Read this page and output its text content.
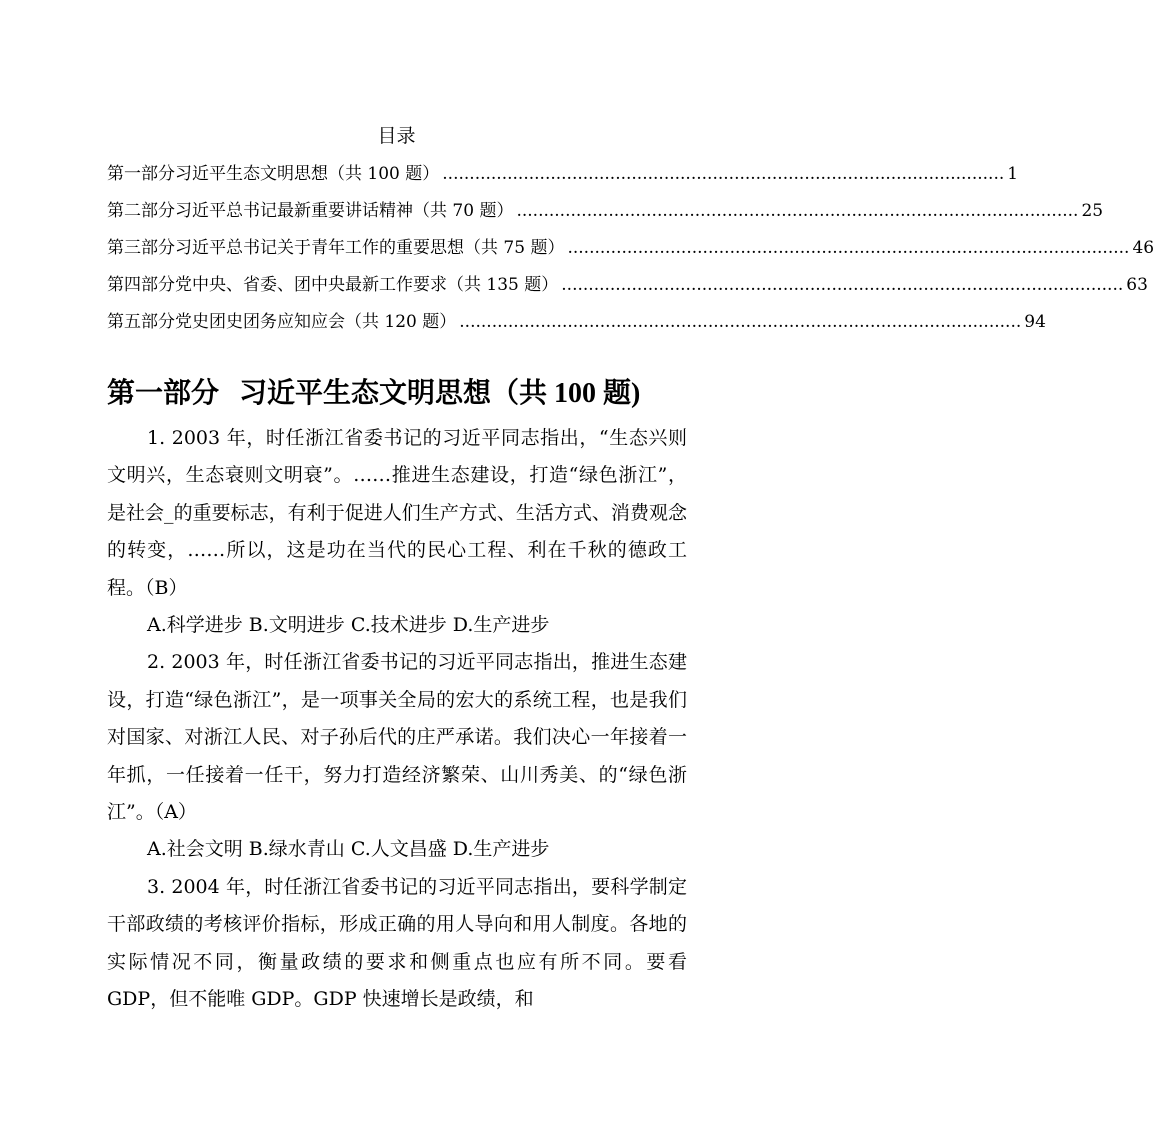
目录
第一部分习近平生态文明思想（共 100 题） ........................................................................................................ 1
第二部分习近平总书记最新重要讲话精神（共 70 题） ........................................................................................................ 25
第三部分习近平总书记关于青年工作的重要思想（共 75 题） ........................................................................................................ 46
第四部分党中央、省委、团中央最新工作要求（共 135 题） ........................................................................................................ 63
第五部分党史团史团务应知应会（共 120 题） ........................................................................................................ 94
第一部分 习近平生态文明思想（共 100 题)

1. 2003 年，时任浙江省委书记的习近平同志指出，“生态兴则文明兴，生态衰则文明衰”。……推进生态建设，打造“绿色浙江”，是社会_的重要标志，有利于促进人们生产方式、生活方式、消费观念的转变，……所以，这是功在当代的民心工程、利在千秋的德政工程。（B）

A.科学进步 B.文明进步 C.技术进步 D.生产进步

2. 2003 年，时任浙江省委书记的习近平同志指出，推进生态建设，打造“绿色浙江”，是一项事关全局的宏大的系统工程，也是我们对国家、对浙江人民、对子孙后代的庄严承诺。我们决心一年接着一年抓，一任接着一任干，努力打造经济繁荣、山川秀美、的“绿色浙江”。（A）

A.社会文明 B.绿水青山 C.人文昌盛 D.生产进步

3. 2004 年，时任浙江省委书记的习近平同志指出，要科学制定干部政绩的考核评价指标，形成正确的用人导向和用人制度。各地的实际情况不同，衡量政绩的要求和侧重点也应有所不同。要看 GDP，但不能唯 GDP。GDP 快速增长是政绩，和
